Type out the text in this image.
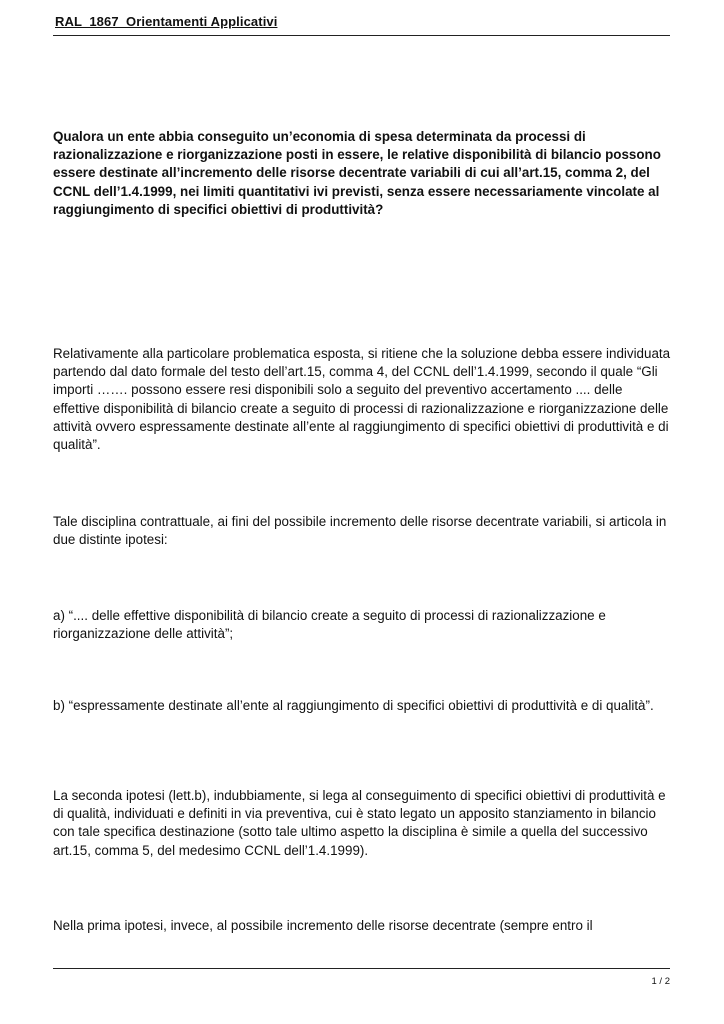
RAL_1867_Orientamenti Applicativi

Qualora un ente abbia conseguito un’economia di spesa determinata da processi di razionalizzazione e riorganizzazione posti in essere, le relative disponibilità di bilancio possono essere destinate all’incremento delle risorse decentrate variabili di cui all’art.15, comma 2, del CCNL dell’1.4.1999, nei limiti quantitativi ivi previsti, senza essere necessariamente vincolate al raggiungimento di specifici obiettivi di produttività?

Relativamente alla particolare problematica esposta, si ritiene che la soluzione debba essere individuata partendo dal dato formale del testo dell’art.15, comma 4, del CCNL dell’1.4.1999, secondo il quale “Gli importi ……. possono essere resi disponibili solo a seguito del preventivo accertamento .... delle effettive disponibilità di bilancio create a seguito di processi di razionalizzazione e riorganizzazione delle attività ovvero espressamente destinate all’ente al raggiungimento di specifici obiettivi di produttività e di qualità”.

Tale disciplina contrattuale, ai fini del possibile incremento delle risorse decentrate variabili, si articola in due distinte ipotesi:

a) “.... delle effettive disponibilità di bilancio create a seguito di processi di razionalizzazione e riorganizzazione delle attività”;

b) “espressamente destinate all’ente al raggiungimento di specifici obiettivi di produttività e di qualità”.

La seconda ipotesi (lett.b), indubbiamente, si lega al conseguimento di specifici obiettivi di produttività e di qualità, individuati e definiti in via preventiva, cui è stato legato un apposito stanziamento in bilancio con tale specifica destinazione (sotto tale ultimo aspetto la disciplina è simile a quella del successivo art.15, comma 5, del medesimo CCNL dell’1.4.1999).

Nella prima ipotesi, invece, al possibile incremento delle risorse decentrate (sempre entro il

1 / 2
